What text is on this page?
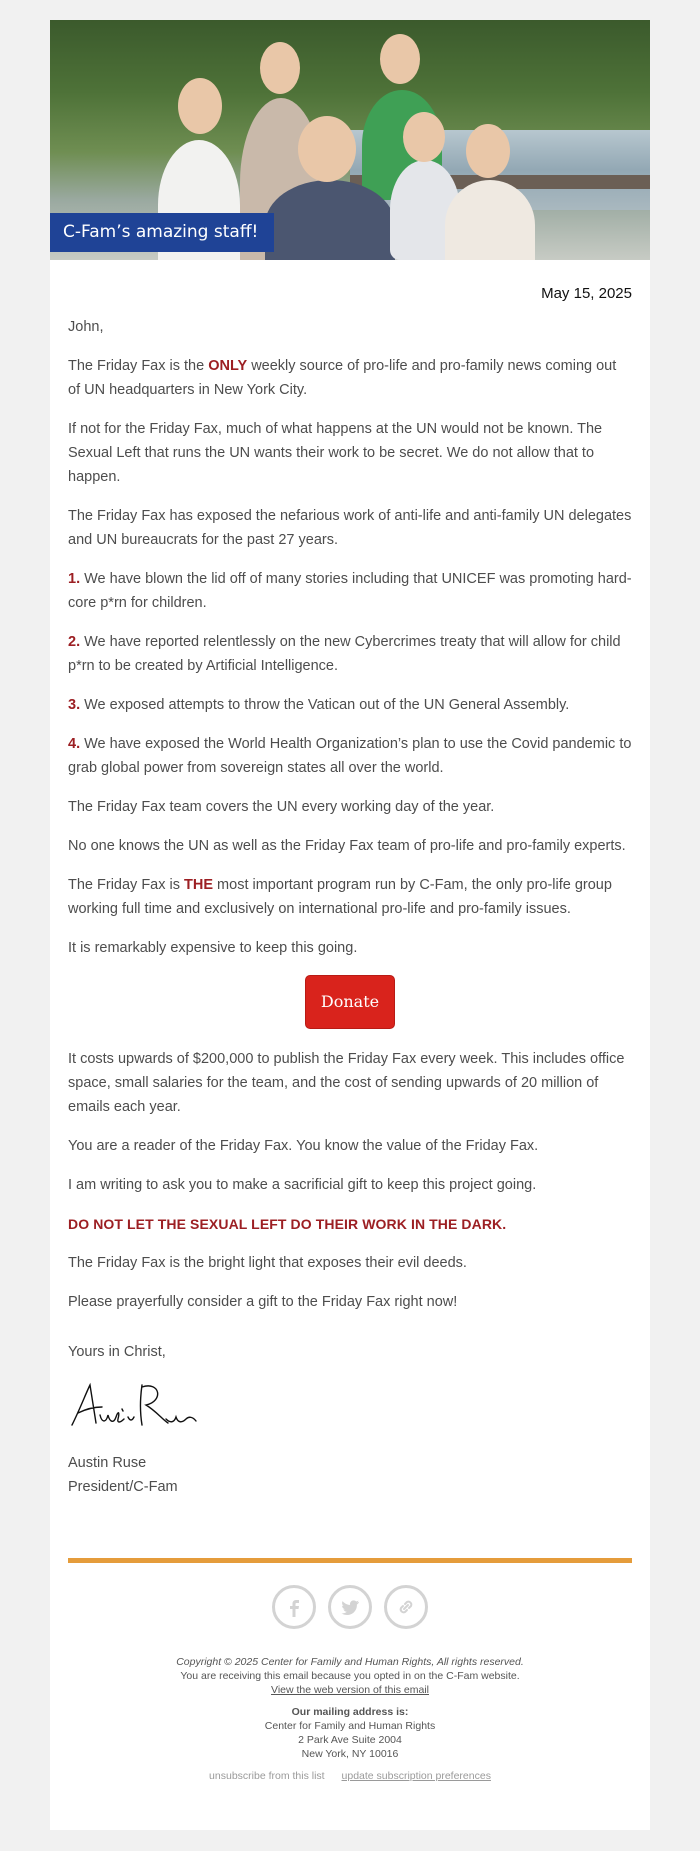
C-Fam’s amazing staff!
May 15, 2025

John,

The Friday Fax is the ONLY weekly source of pro-life and pro-family news coming out of UN headquarters in New York City.

If not for the Friday Fax, much of what happens at the UN would not be known. The Sexual Left that runs the UN wants their work to be secret. We do not allow that to happen.

The Friday Fax has exposed the nefarious work of anti-life and anti-family UN delegates and UN bureaucrats for the past 27 years.

1. We have blown the lid off of many stories including that UNICEF was promoting hard-core p*rn for children.

2. We have reported relentlessly on the new Cybercrimes treaty that will allow for child p*rn to be created by Artificial Intelligence.

3. We exposed attempts to throw the Vatican out of the UN General Assembly.

4. We have exposed the World Health Organization’s plan to use the Covid pandemic to grab global power from sovereign states all over the world.

The Friday Fax team covers the UN every working day of the year.

No one knows the UN as well as the Friday Fax team of pro-life and pro-family experts.

The Friday Fax is THE most important program run by C-Fam, the only pro-life group working full time and exclusively on international pro-life and pro-family issues.

It is remarkably expensive to keep this going.

Donate

It costs upwards of $200,000 to publish the Friday Fax every week. This includes office space, small salaries for the team, and the cost of sending upwards of 20 million of emails each year.

You are a reader of the Friday Fax. You know the value of the Friday Fax.

I am writing to ask you to make a sacrificial gift to keep this project going.

DO NOT LET THE SEXUAL LEFT DO THEIR WORK IN THE DARK.

The Friday Fax is the bright light that exposes their evil deeds.

Please prayerfully consider a gift to the Friday Fax right now!

Yours in Christ,

Austin Ruse

President/C-Fam

Copyright © 2025 Center for Family and Human Rights, All rights reserved.
You are receiving this email because you opted in on the C-Fam website.
View the web version of this email
Our mailing address is:
Center for Family and Human Rights
2 Park Ave Suite 2004
New York, NY 10016
unsubscribe from this list update subscription preferences
